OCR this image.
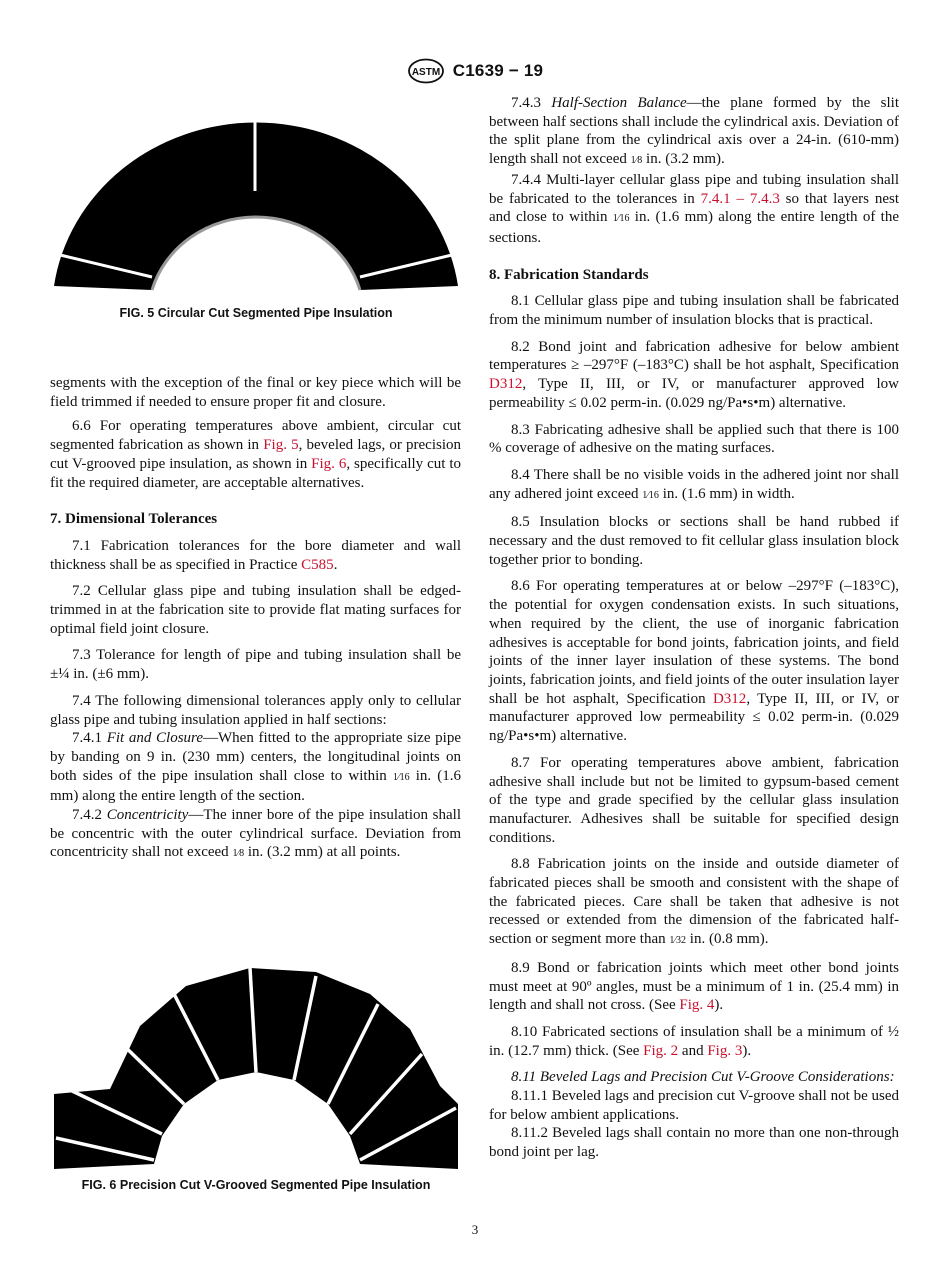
ASTM C1639 − 19
FIG. 5 Circular Cut Segmented Pipe Insulation

segments with the exception of the final or key piece which will be field trimmed if needed to ensure proper fit and closure.

6.6 For operating temperatures above ambient, circular cut segmented fabrication as shown in Fig. 5, beveled lags, or precision cut V-grooved pipe insulation, as shown in Fig. 6, specifically cut to fit the required diameter, are acceptable alternatives.

7. Dimensional Tolerances

7.1 Fabrication tolerances for the bore diameter and wall thickness shall be as specified in Practice C585.

7.2 Cellular glass pipe and tubing insulation shall be edged-trimmed in at the fabrication site to provide flat mating surfaces for optimal field joint closure.

7.3 Tolerance for length of pipe and tubing insulation shall be ±¼ in. (±6 mm).

7.4 The following dimensional tolerances apply only to cellular glass pipe and tubing insulation applied in half sections:

7.4.1 Fit and Closure—When fitted to the appropriate size pipe by banding on 9 in. (230 mm) centers, the longitudinal joints on both sides of the pipe insulation shall close to within 1⁄16 in. (1.6 mm) along the entire length of the section.

7.4.2 Concentricity—The inner bore of the pipe insulation shall be concentric with the outer cylindrical surface. Deviation from concentricity shall not exceed 1⁄8 in. (3.2 mm) at all points.

FIG. 6 Precision Cut V-Grooved Segmented Pipe Insulation

7.4.3 Half-Section Balance—the plane formed by the slit between half sections shall include the cylindrical axis. Deviation of the split plane from the cylindrical axis over a 24-in. (610-mm) length shall not exceed 1⁄8 in. (3.2 mm).

7.4.4 Multi-layer cellular glass pipe and tubing insulation shall be fabricated to the tolerances in 7.4.1 – 7.4.3 so that layers nest and close to within 1⁄16 in. (1.6 mm) along the entire length of the sections.

8. Fabrication Standards

8.1 Cellular glass pipe and tubing insulation shall be fabricated from the minimum number of insulation blocks that is practical.

8.2 Bond joint and fabrication adhesive for below ambient temperatures ≥ –297°F (–183°C) shall be hot asphalt, Specification D312, Type II, III, or IV, or manufacturer approved low permeability ≤ 0.02 perm-in. (0.029 ng/Pa•s•m) alternative.

8.3 Fabricating adhesive shall be applied such that there is 100 % coverage of adhesive on the mating surfaces.

8.4 There shall be no visible voids in the adhered joint nor shall any adhered joint exceed 1⁄16 in. (1.6 mm) in width.

8.5 Insulation blocks or sections shall be hand rubbed if necessary and the dust removed to fit cellular glass insulation block together prior to bonding.

8.6 For operating temperatures at or below –297°F (–183°C), the potential for oxygen condensation exists. In such situations, when required by the client, the use of inorganic fabrication adhesives is acceptable for bond joints, fabrication joints, and field joints of the inner layer insulation of these systems. The bond joints, fabrication joints, and field joints of the outer insulation layer shall be hot asphalt, Specification D312, Type II, III, or IV, or manufacturer approved low permeability ≤ 0.02 perm-in. (0.029 ng/Pa•s•m) alternative.

8.7 For operating temperatures above ambient, fabrication adhesive shall include but not be limited to gypsum-based cement of the type and grade specified by the cellular glass insulation manufacturer. Adhesives shall be suitable for specified design conditions.

8.8 Fabrication joints on the inside and outside diameter of fabricated pieces shall be smooth and consistent with the shape of the fabricated pieces. Care shall be taken that adhesive is not recessed or extended from the dimension of the fabricated half-section or segment more than 1⁄32 in. (0.8 mm).

8.9 Bond or fabrication joints which meet other bond joints must meet at 90º angles, must be a minimum of 1 in. (25.4 mm) in length and shall not cross. (See Fig. 4).

8.10 Fabricated sections of insulation shall be a minimum of ½ in. (12.7 mm) thick. (See Fig. 2 and Fig. 3).

8.11 Beveled Lags and Precision Cut V-Groove Considerations:

8.11.1 Beveled lags and precision cut V-groove shall not be used for below ambient applications.

8.11.2 Beveled lags shall contain no more than one non-through bond joint per lag.

3
